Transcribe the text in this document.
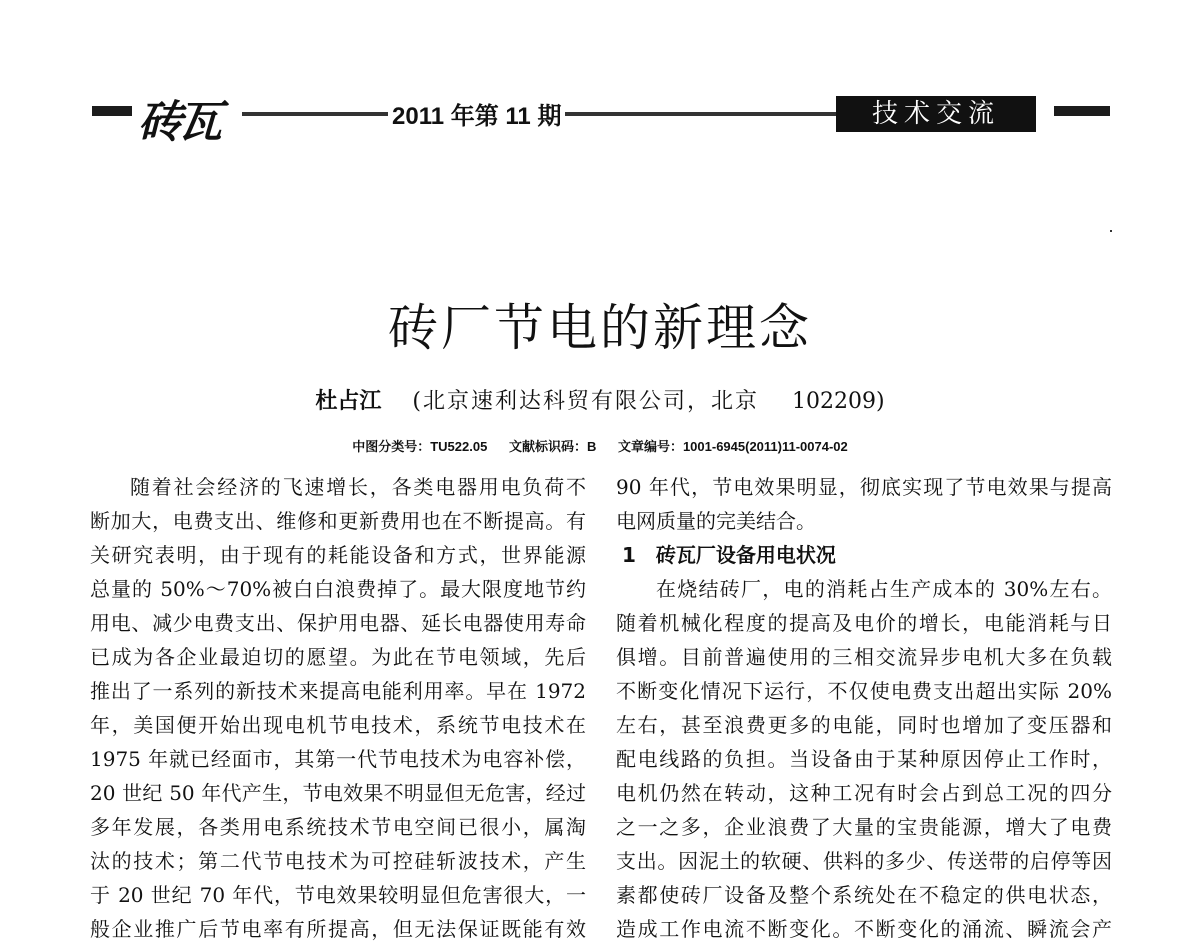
砖瓦	2011 年第 11 期	技术交流
砖厂节电的新理念
杜占江 (北京速利达科贸有限公司，北京 102209)
中图分类号：TU522.05 文献标识码：B 文章编号：1001-6945(2011)11-0074-02

随着社会经济的飞速增长，各类电器用电负荷不

断加大，电费支出、维修和更新费用也在不断提高。有

关研究表明，由于现有的耗能设备和方式，世界能源

总量的 50%～70%被白白浪费掉了。最大限度地节约

用电、减少电费支出、保护用电器、延长电器使用寿命

已成为各企业最迫切的愿望。为此在节电领域，先后

推出了一系列的新技术来提高电能利用率。早在 1972

年，美国便开始出现电机节电技术，系统节电技术在

1975 年就已经面市，其第一代节电技术为电容补偿，

20 世纪 50 年代产生，节电效果不明显但无危害，经过

多年发展，各类用电系统技术节电空间已很小，属淘

汰的技术；第二代节电技术为可控硅斩波技术，产生

于 20 世纪 70 年代，节电效果较明显但危害很大，一

般企业推广后节电率有所提高，但无法保证既能有效

90 年代，节电效果明显，彻底实现了节电效果与提高

电网质量的完美结合。

1　砖瓦厂设备用电状况

在烧结砖厂，电的消耗占生产成本的 30%左右。

随着机械化程度的提高及电价的增长，电能消耗与日

俱增。目前普遍使用的三相交流异步电机大多在负载

不断变化情况下运行，不仅使电费支出超出实际 20%

左右，甚至浪费更多的电能，同时也增加了变压器和

配电线路的负担。当设备由于某种原因停止工作时，

电机仍然在转动，这种工况有时会占到总工况的四分

之一之多，企业浪费了大量的宝贵能源，增大了电费

支出。因泥土的软硬、供料的多少、传送带的启停等因

素都使砖厂设备及整个系统处在不稳定的供电状态，

造成工作电流不断变化。不断变化的涌流、瞬流会产
